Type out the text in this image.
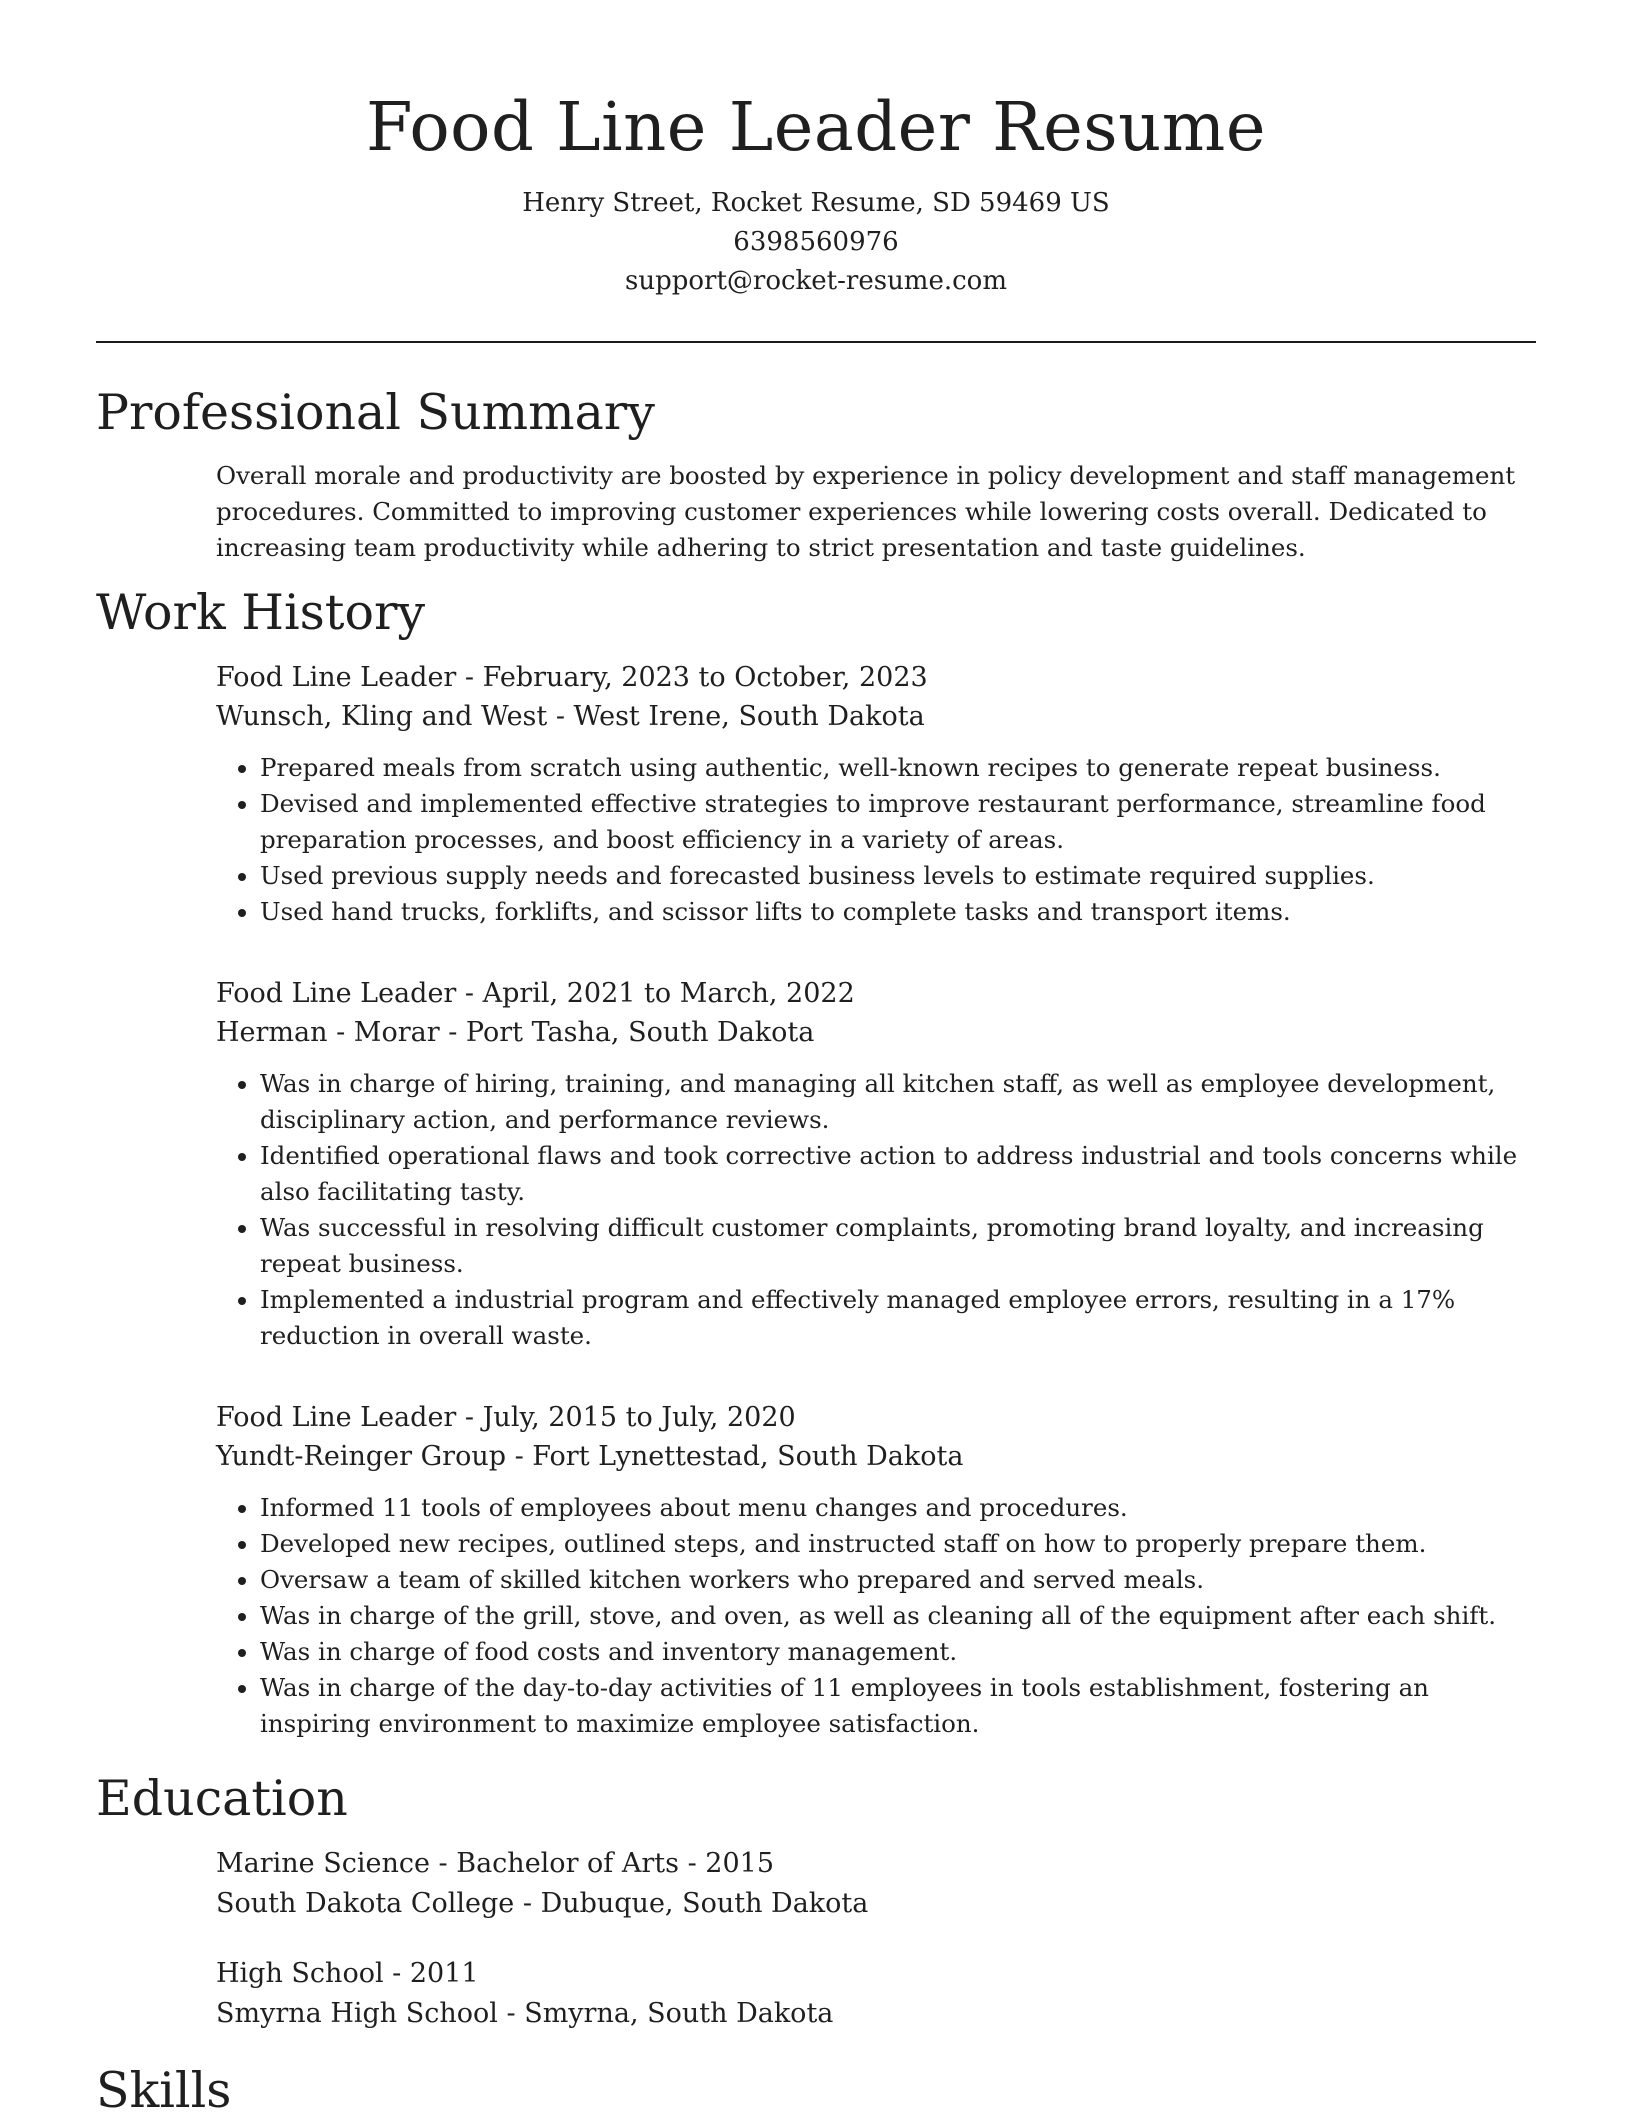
Food Line Leader Resume
Henry Street, Rocket Resume, SD 59469 US
6398560976
support@rocket-resume.com
Professional Summary

Overall morale and productivity are boosted by experience in policy development and staff management procedures. Committed to improving customer experiences while lowering costs overall. Dedicated to increasing team productivity while adhering to strict presentation and taste guidelines.

Work History
Food Line Leader - February, 2023 to October, 2023
Wunsch, Kling and West - West Irene, South Dakota
• Prepared meals from scratch using authentic, well-known recipes to generate repeat business.
• Devised and implemented effective strategies to improve restaurant performance, streamline food preparation processes, and boost efficiency in a variety of areas.
• Used previous supply needs and forecasted business levels to estimate required supplies.
• Used hand trucks, forklifts, and scissor lifts to complete tasks and transport items.
Food Line Leader - April, 2021 to March, 2022
Herman - Morar - Port Tasha, South Dakota
• Was in charge of hiring, training, and managing all kitchen staff, as well as employee development, disciplinary action, and performance reviews.
• Identified operational flaws and took corrective action to address industrial and tools concerns while also facilitating tasty.
• Was successful in resolving difficult customer complaints, promoting brand loyalty, and increasing repeat business.
• Implemented a industrial program and effectively managed employee errors, resulting in a 17% reduction in overall waste.
Food Line Leader - July, 2015 to July, 2020
Yundt-Reinger Group - Fort Lynettestad, South Dakota
• Informed 11 tools of employees about menu changes and procedures.
• Developed new recipes, outlined steps, and instructed staff on how to properly prepare them.
• Oversaw a team of skilled kitchen workers who prepared and served meals.
• Was in charge of the grill, stove, and oven, as well as cleaning all of the equipment after each shift.
• Was in charge of food costs and inventory management.
• Was in charge of the day-to-day activities of 11 employees in tools establishment, fostering an inspiring environment to maximize employee satisfaction.
Education
Marine Science - Bachelor of Arts - 2015
South Dakota College - Dubuque, South Dakota
High School - 2011
Smyrna High School - Smyrna, South Dakota
Skills
